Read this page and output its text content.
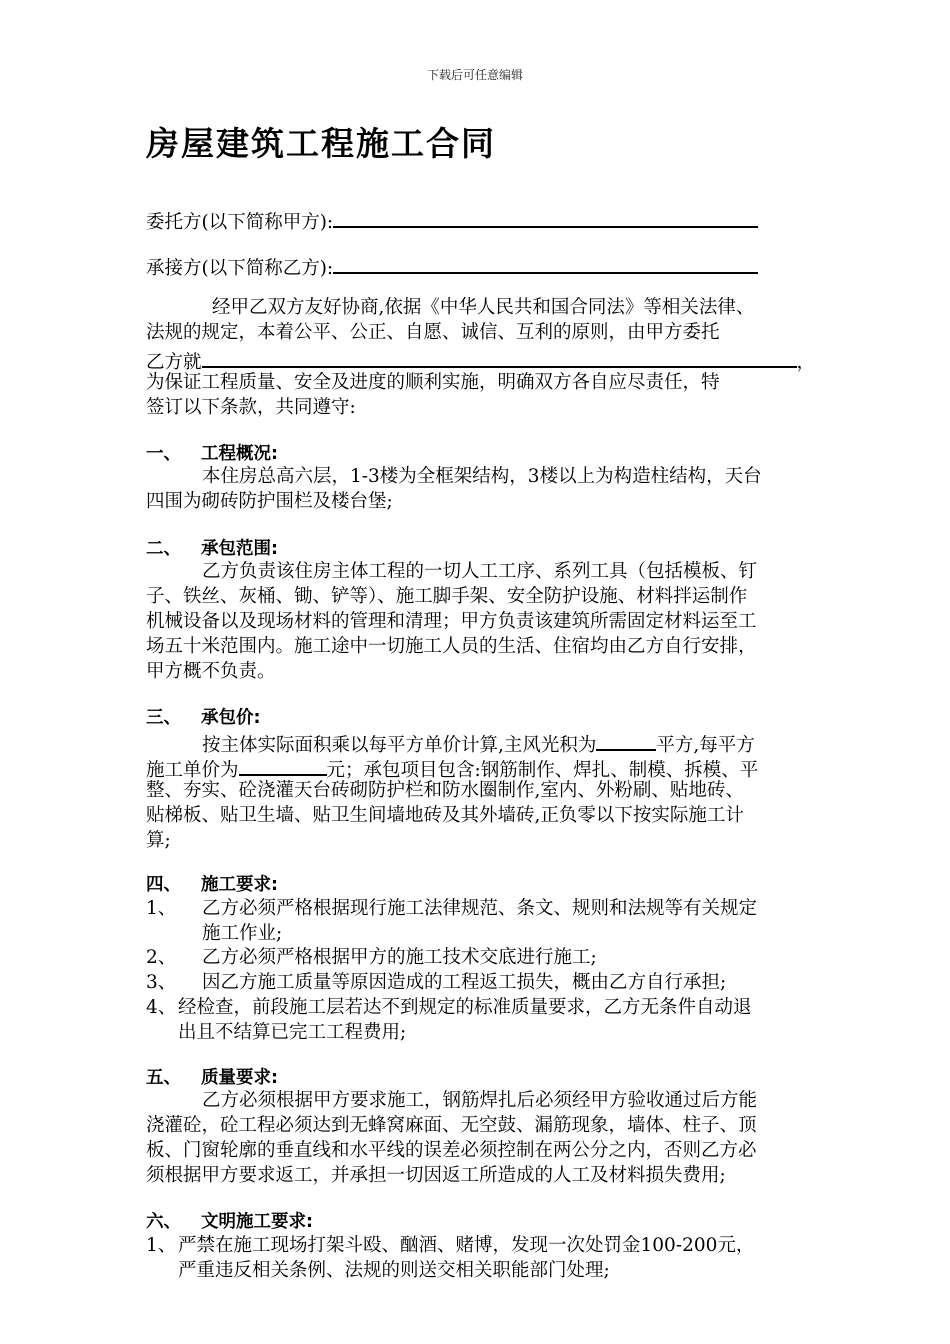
下载后可任意编辑
房屋建筑工程施工合同
委托方(以下简称甲方):
承接方(以下简称乙方):
经甲乙双方友好协商,依据《中华人民共和国合同法》等相关法律、
法规的规定，本着公平、公正、自愿、诚信、互利的原则，由甲方委托
乙方就	，
为保证工程质量、安全及进度的顺利实施，明确双方各自应尽责任，特
签订以下条款，共同遵守:
一、 工程概况:
本住房总高六层，1-3楼为全框架结构，3楼以上为构造柱结构，天台
四围为砌砖防护围栏及楼台堡;
二、 承包范围:
乙方负责该住房主体工程的一切人工工序、系列工具（包括模板、钉
子、铁丝、灰桶、锄、铲等）、施工脚手架、安全防护设施、材料拌运制作
机械设备以及现场材料的管理和清理；甲方负责该建筑所需固定材料运至工
场五十米范围内。施工途中一切施工人员的生活、住宿均由乙方自行安排，
甲方概不负责。
三、 承包价:
按主体实际面积乘以每平方单价计算,主风光积为	平方,每平方
施工单价为	元；承包项目包含:钢筋制作、焊扎、制模、拆模、平
整、夯实、砼浇灌天台砖砌防护栏和防水圈制作,室内、外粉刷、贴地砖、
贴梯板、贴卫生墙、贴卫生间墙地砖及其外墙砖,正负零以下按实际施工计
算;
四、 施工要求:
1、 乙方必须严格根据现行施工法律规范、条文、规则和法规等有关规定
施工作业;
2、 乙方必须严格根据甲方的施工技术交底进行施工;
3、 因乙方施工质量等原因造成的工程返工损失，概由乙方自行承担;
4、 经检查，前段施工层若达不到规定的标准质量要求，乙方无条件自动退
出且不结算已完工工程费用;
五、 质量要求:
乙方必须根据甲方要求施工，钢筋焊扎后必须经甲方验收通过后方能
浇灌砼，砼工程必须达到无蜂窝麻面、无空鼓、漏筋现象，墙体、柱子、顶
板、门窗轮廓的垂直线和水平线的误差必须控制在两公分之内，否则乙方必
须根据甲方要求返工，并承担一切因返工所造成的人工及材料损失费用;
六、 文明施工要求:
1、 严禁在施工现场打架斗殴、酗酒、赌博，发现一次处罚金100-200元，
严重违反相关条例、法规的则送交相关职能部门处理;
